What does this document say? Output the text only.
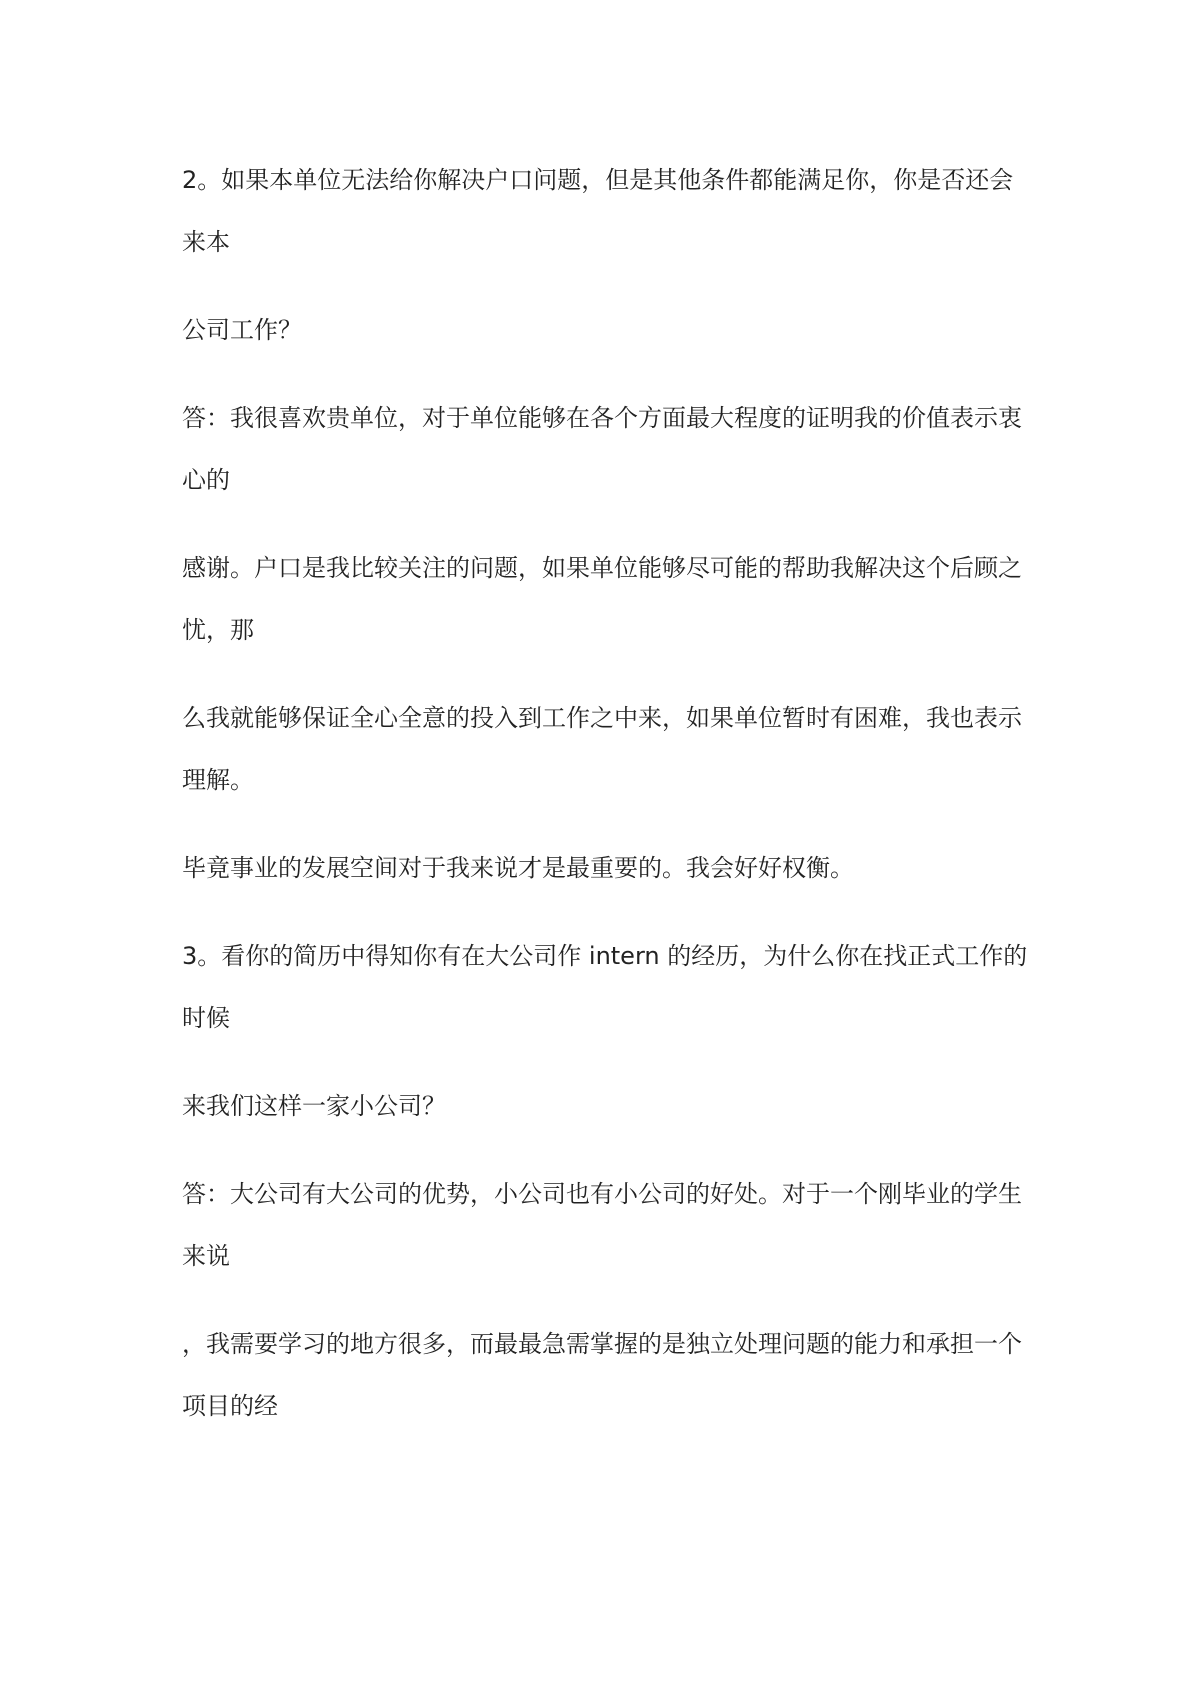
2。如果本单位无法给你解决户口问题，但是其他条件都能满足你，你是否还会
来本
公司工作？
答：我很喜欢贵单位，对于单位能够在各个方面最大程度的证明我的价值表示衷
心的
感谢。户口是我比较关注的问题，如果单位能够尽可能的帮助我解决这个后顾之
忧，那
么我就能够保证全心全意的投入到工作之中来，如果单位暂时有困难，我也表示
理解。
毕竟事业的发展空间对于我来说才是最重要的。我会好好权衡。
3。看你的简历中得知你有在大公司作 intern 的经历，为什么你在找正式工作的
时候
来我们这样一家小公司？
答：大公司有大公司的优势，小公司也有小公司的好处。对于一个刚毕业的学生
来说
，我需要学习的地方很多，而最最急需掌握的是独立处理问题的能力和承担一个
项目的经
